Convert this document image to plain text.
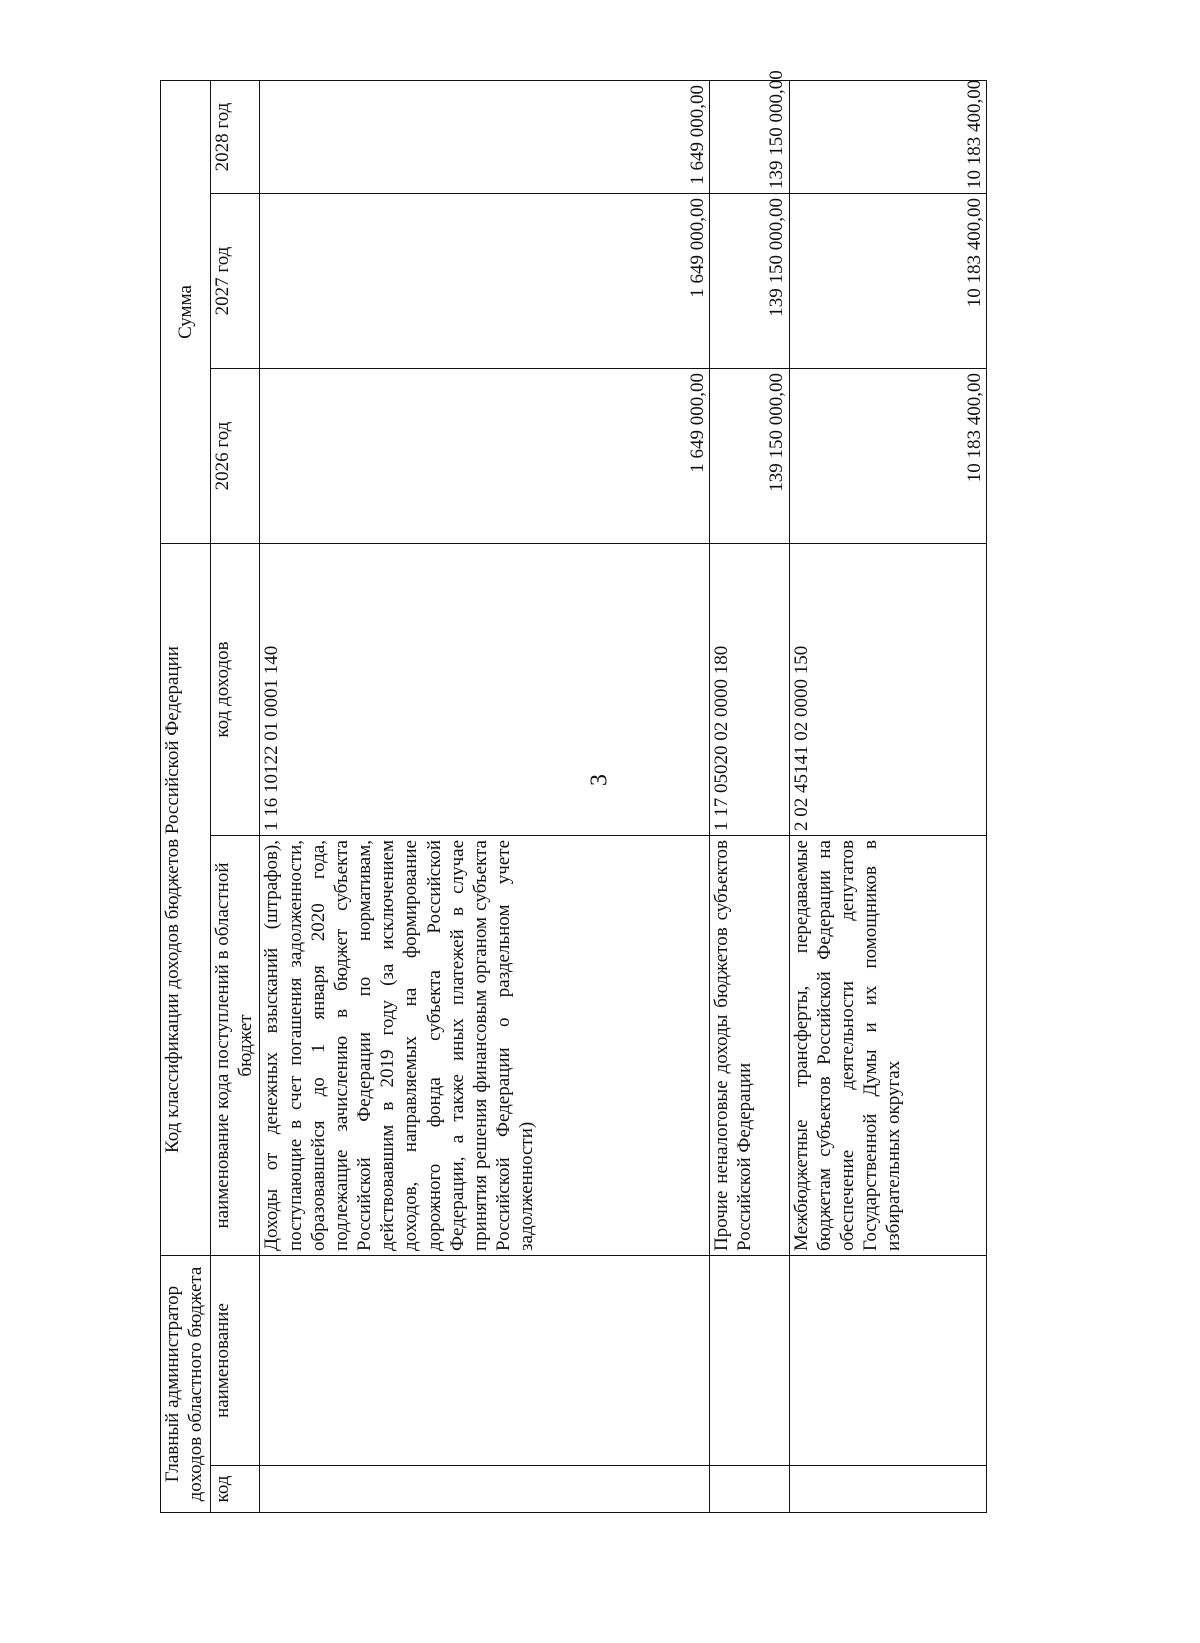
3
Главный администратор доходов областного бюджета		Код классификации доходов бюджетов Российской Федерации		Сумма		
код	наименование	наименование кода поступлений в областной бюджет	код доходов	2026 год	2027 год	2028 год
		Доходы от денежных взысканий (штрафов), поступающие в счет погашения задолженности, образовавшейся до 1 января 2020 года, подлежащие зачислению в бюджет субъекта Российской Федерации по нормативам, действовавшим в 2019 году (за исключением доходов, направляемых на формирование дорожного фонда субъекта Российской Федерации, а также иных платежей в случае принятия решения финансовым органом субъекта Российской Федерации о раздельном учете задолженности)	1 16 10122 01 0001 140	1 649 000,00	1 649 000,00	1 649 000,00
		Прочие неналоговые доходы бюджетов субъектов Российской Федерации	1 17 05020 02 0000 180	139 150 000,00	139 150 000,00	139 150 000,00
		Межбюджетные трансферты, передаваемые бюджетам субъектов Российской Федерации на обеспечение деятельности депутатов Государственной Думы и их помощников в избирательных округах	2 02 45141 02 0000 150	10 183 400,00	10 183 400,00	10 183 400,00
